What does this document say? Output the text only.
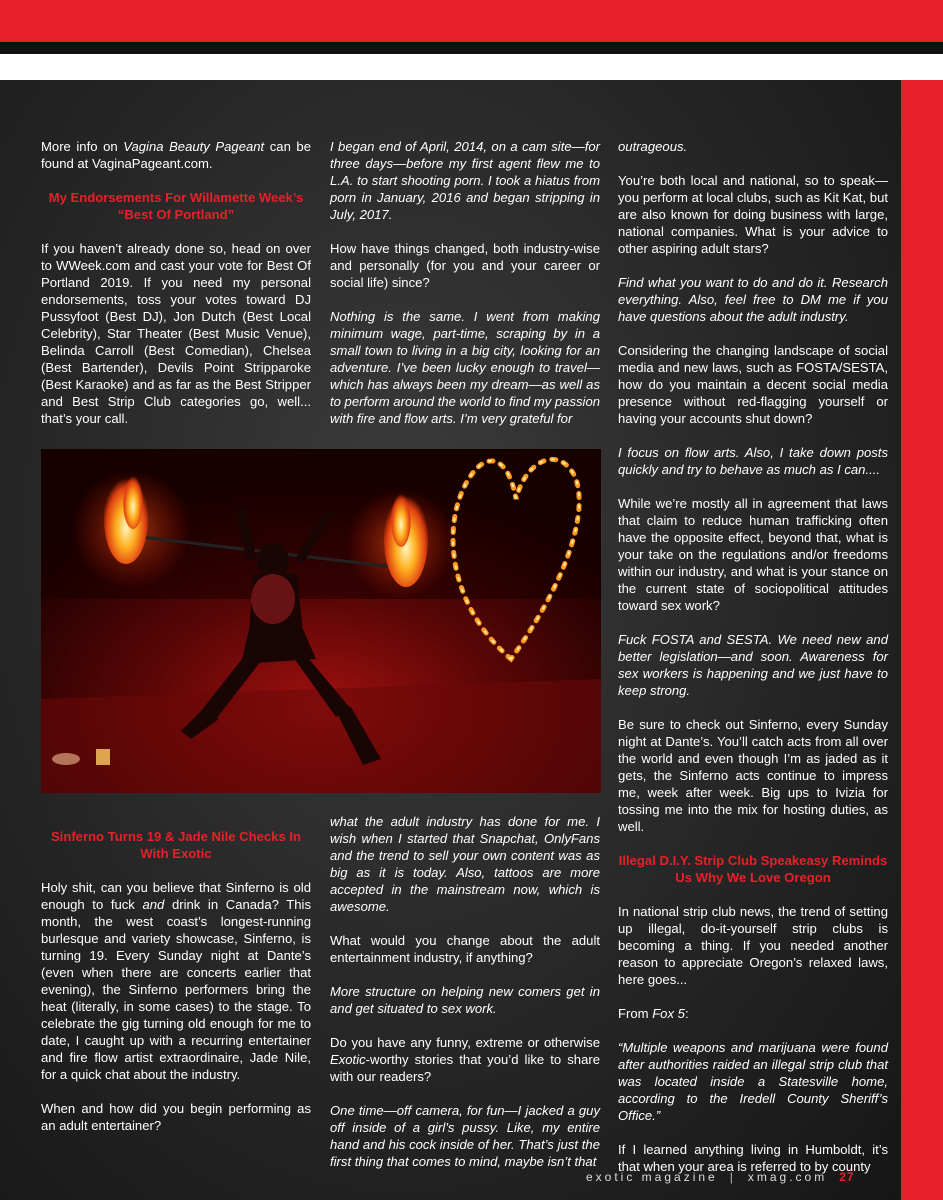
More info on Vagina Beauty Pageant can be found at VaginaPageant.com.

My Endorsements For Willamette Week’s “Best Of Portland”

If you haven’t already done so, head on over to WWeek.com and cast your vote for Best Of Portland 2019. If you need my personal endorsements, toss your votes toward DJ Pussyfoot (Best DJ), Jon Dutch (Best Local Celebrity), Star Theater (Best Music Venue), Belinda Carroll (Best Comedian), Chelsea (Best Bartender), Devils Point Stripparoke (Best Karaoke) and as far as the Best Stripper and Best Strip Club categories go, well... that’s your call.

I began end of April, 2014, on a cam site—for three days—before my first agent flew me to L.A. to start shooting porn. I took a hiatus from porn in January, 2016 and began stripping in July, 2017.

How have things changed, both industry-wise and personally (for you and your career or social life) since?

Nothing is the same. I went from making minimum wage, part-time, scraping by in a small town to living in a big city, looking for an adventure. I’ve been lucky enough to travel—which has always been my dream—as well as to perform around the world to find my passion with fire and flow arts. I’m very grateful for

outrageous.

You’re both local and national, so to speak—you perform at local clubs, such as Kit Kat, but are also known for doing business with large, national companies. What is your advice to other aspiring adult stars?

Find what you want to do and do it. Research everything. Also, feel free to DM me if you have questions about the adult industry.

Considering the changing landscape of social media and new laws, such as FOSTA/SESTA, how do you maintain a decent social media presence without red-flagging yourself or having your accounts shut down?

I focus on flow arts. Also, I take down posts quickly and try to behave as much as I can....

While we’re mostly all in agreement that laws that claim to reduce human trafficking often have the opposite effect, beyond that, what is your take on the regulations and/or freedoms within our industry, and what is your stance on the current state of sociopolitical attitudes toward sex work?

Fuck FOSTA and SESTA. We need new and better legislation—and soon. Awareness for sex workers is happening and we just have to keep strong.

Be sure to check out Sinferno, every Sunday night at Dante’s. You’ll catch acts from all over the world and even though I’m as jaded as it gets, the Sinferno acts continue to impress me, week after week. Big ups to Ivizia for tossing me into the mix for hosting duties, as well.

Illegal D.I.Y. Strip Club Speakeasy Reminds Us Why We Love Oregon

In national strip club news, the trend of setting up illegal, do-it-yourself strip clubs is becoming a thing. If you needed another reason to appreciate Oregon’s relaxed laws, here goes...

From Fox 5:

“Multiple weapons and marijuana were found after authorities raided an illegal strip club that was located inside a Statesville home, according to the Iredell County Sheriff’s Office.”

If I learned anything living in Humboldt, it’s that when your area is referred to by county

Sinferno Turns 19 & Jade Nile Checks In With Exotic

Holy shit, can you believe that Sinferno is old enough to fuck and drink in Canada? This month, the west coast’s longest-running burlesque and variety showcase, Sinferno, is turning 19. Every Sunday night at Dante’s (even when there are concerts earlier that evening), the Sinferno performers bring the heat (literally, in some cases) to the stage. To celebrate the gig turning old enough for me to date, I caught up with a recurring entertainer and fire flow artist extraordinaire, Jade Nile, for a quick chat about the industry.

When and how did you begin performing as an adult entertainer?

what the adult industry has done for me. I wish when I started that Snapchat, OnlyFans and the trend to sell your own content was as big as it is today. Also, tattoos are more accepted in the mainstream now, which is awesome.

What would you change about the adult entertainment industry, if anything?

More structure on helping new comers get in and get situated to sex work.

Do you have any funny, extreme or otherwise Exotic-worthy stories that you’d like to share with our readers?

One time—off camera, for fun—I jacked a guy off inside of a girl’s pussy. Like, my entire hand and his cock inside of her. That’s just the first thing that comes to mind, maybe isn’t that

exotic magazine | xmag.com 27
